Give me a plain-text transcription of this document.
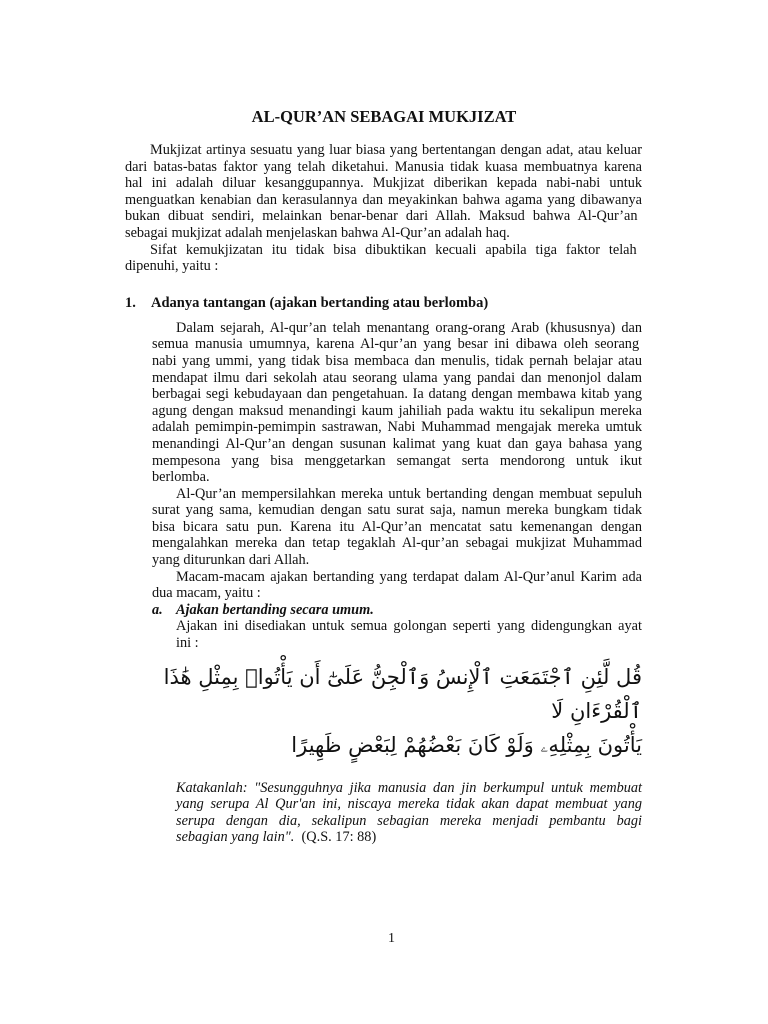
AL-QUR’AN SEBAGAI MUKJIZAT
Mukjizat artinya sesuatu yang luar biasa yang bertentangan dengan adat, atau keluar
dari batas-batas faktor yang telah diketahui. Manusia tidak kuasa membuatnya karena
hal ini adalah diluar kesanggupannya. Mukjizat diberikan kepada nabi-nabi untuk
menguatkan kenabian dan kerasulannya dan meyakinkan bahwa agama yang dibawanya
bukan dibuat sendiri, melainkan benar-benar dari Allah. Maksud bahwa Al-Qur’an
sebagai mukjizat adalah menjelaskan bahwa Al-Qur’an adalah haq.
Sifat kemukjizatan itu tidak bisa dibuktikan kecuali apabila tiga faktor telah
dipenuhi, yaitu :
1. Adanya tantangan (ajakan bertanding atau berlomba)
Dalam sejarah, Al-qur’an telah menantang orang-orang Arab (khususnya) dan
semua manusia umumnya, karena Al-qur’an yang besar ini dibawa oleh seorang
nabi yang ummi, yang tidak bisa membaca dan menulis, tidak pernah belajar atau
mendapat ilmu dari sekolah atau seorang ulama yang pandai dan menonjol dalam
berbagai segi kebudayaan dan pengetahuan. Ia datang dengan membawa kitab yang
agung dengan maksud menandingi kaum jahiliah pada waktu itu sekalipun mereka
adalah pemimpin-pemimpin sastrawan, Nabi Muhammad mengajak mereka umtuk
menandingi Al-Qur’an dengan susunan kalimat yang kuat dan gaya bahasa yang
mempesona yang bisa menggetarkan semangat serta mendorong untuk ikut
berlomba.
Al-Qur’an mempersilahkan mereka untuk bertanding dengan membuat sepuluh
surat yang sama, kemudian dengan satu surat saja, namun mereka bungkam tidak
bisa bicara satu pun. Karena itu Al-Qur’an mencatat satu kemenangan dengan
mengalahkan mereka dan tetap tegaklah Al-qur’an sebagai mukjizat Muhammad
yang diturunkan dari Allah.
Macam-macam ajakan bertanding yang terdapat dalam Al-Qur’anul Karim ada
dua macam, yaitu :
a. Ajakan bertanding secara umum.
Ajakan ini disediakan untuk semua golongan seperti yang didengungkan ayat
ini :
قُل لَّئِنِ ٱجْتَمَعَتِ ٱلْإِنسُ وَٱلْجِنُّ عَلَىٰٓ أَن يَأْتُوا۟ بِمِثْلِ هَٰذَا ٱلْقُرْءَانِ لَا
يَأْتُونَ بِمِثْلِهِۦ وَلَوْ كَانَ بَعْضُهُمْ لِبَعْضٍ ظَهِيرًا
Katakanlah: "Sesungguhnya jika manusia dan jin berkumpul untuk membuat
yang serupa Al Qur'an ini, niscaya mereka tidak akan dapat membuat yang
serupa dengan dia, sekalipun sebagian mereka menjadi pembantu bagi
sebagian yang lain". (Q.S. 17: 88)
1
